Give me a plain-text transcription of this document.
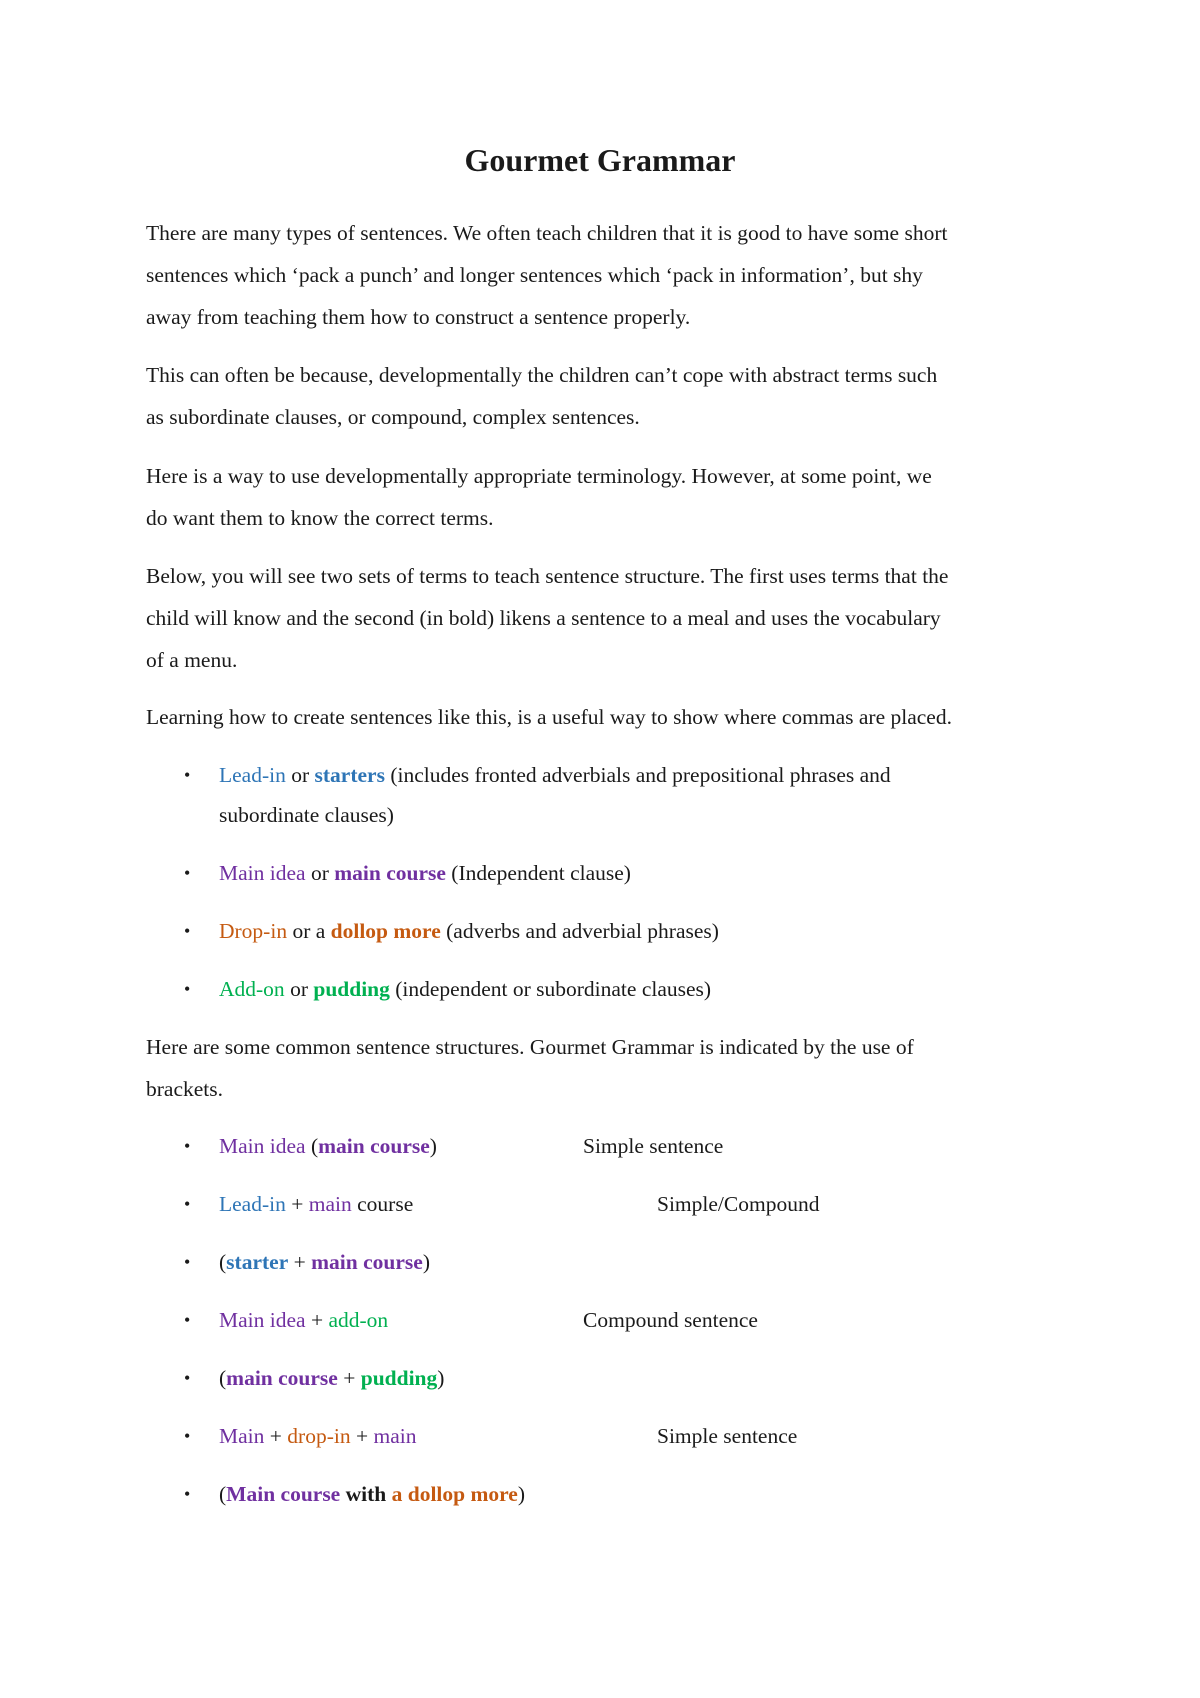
Gourmet Grammar
There are many types of sentences. We often teach children that it is good to have some short
sentences which ‘pack a punch’ and longer sentences which ‘pack in information’, but shy
away from teaching them how to construct a sentence properly.
This can often be because, developmentally the children can’t cope with abstract terms such
as subordinate clauses, or compound, complex sentences.
Here is a way to use developmentally appropriate terminology. However, at some point, we
do want them to know the correct terms.
Below, you will see two sets of terms to teach sentence structure. The first uses terms that the
child will know and the second (in bold) likens a sentence to a meal and uses the vocabulary
of a menu.
Learning how to create sentences like this, is a useful way to show where commas are placed.
• Lead-in or starters (includes fronted adverbials and prepositional phrases and
subordinate clauses)
• Main idea or main course (Independent clause)
• Drop-in or a dollop more (adverbs and adverbial phrases)
• Add-on or pudding (independent or subordinate clauses)
Here are some common sentence structures. Gourmet Grammar is indicated by the use of
brackets.
• Main idea (main course)	Simple sentence
• Lead-in + main course	Simple/Compound
• (starter + main course)
• Main idea + add-on	Compound sentence
• (main course + pudding)
• Main + drop-in + main	Simple sentence
• (Main course with a dollop more)
